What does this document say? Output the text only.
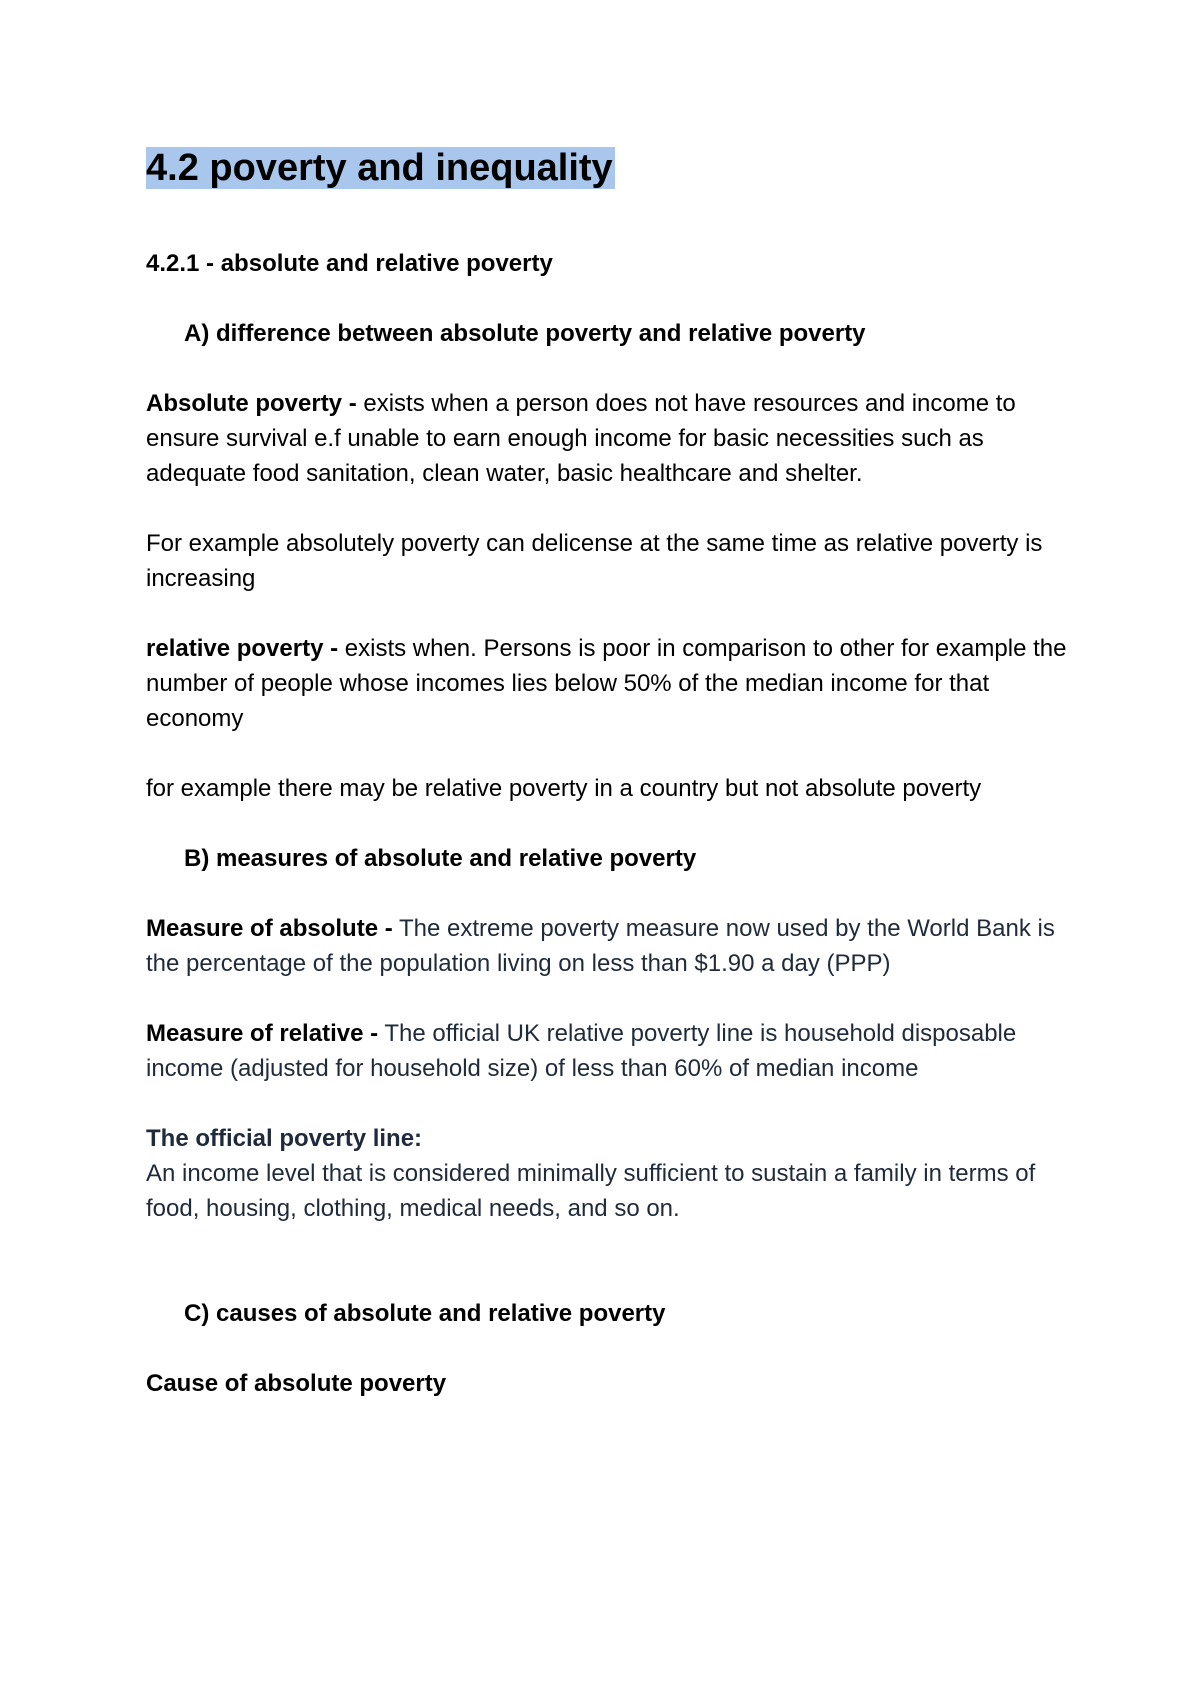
4.2 poverty and inequality
4.2.1 - absolute and relative poverty
A) difference between absolute poverty and relative poverty

Absolute poverty - exists when a person does not have resources and income to ensure survival e.f unable to earn enough income for basic necessities such as adequate food sanitation, clean water, basic healthcare and shelter.

For example absolutely poverty can delicense at the same time as relative poverty is increasing

relative poverty - exists when. Persons is poor in comparison to other for example the number of people whose incomes lies below 50% of the median income for that economy

for example there may be relative poverty in a country but not absolute poverty

B) measures of absolute and relative poverty

Measure of absolute - The extreme poverty measure now used by the World Bank is the percentage of the population living on less than $1.90 a day (PPP)

Measure of relative - The official UK relative poverty line is household disposable income (adjusted for household size) of less than 60% of median income

The official poverty line:

An income level that is considered minimally sufficient to sustain a family in terms of food, housing, clothing, medical needs, and so on.

C) causes of absolute and relative poverty

Cause of absolute poverty
